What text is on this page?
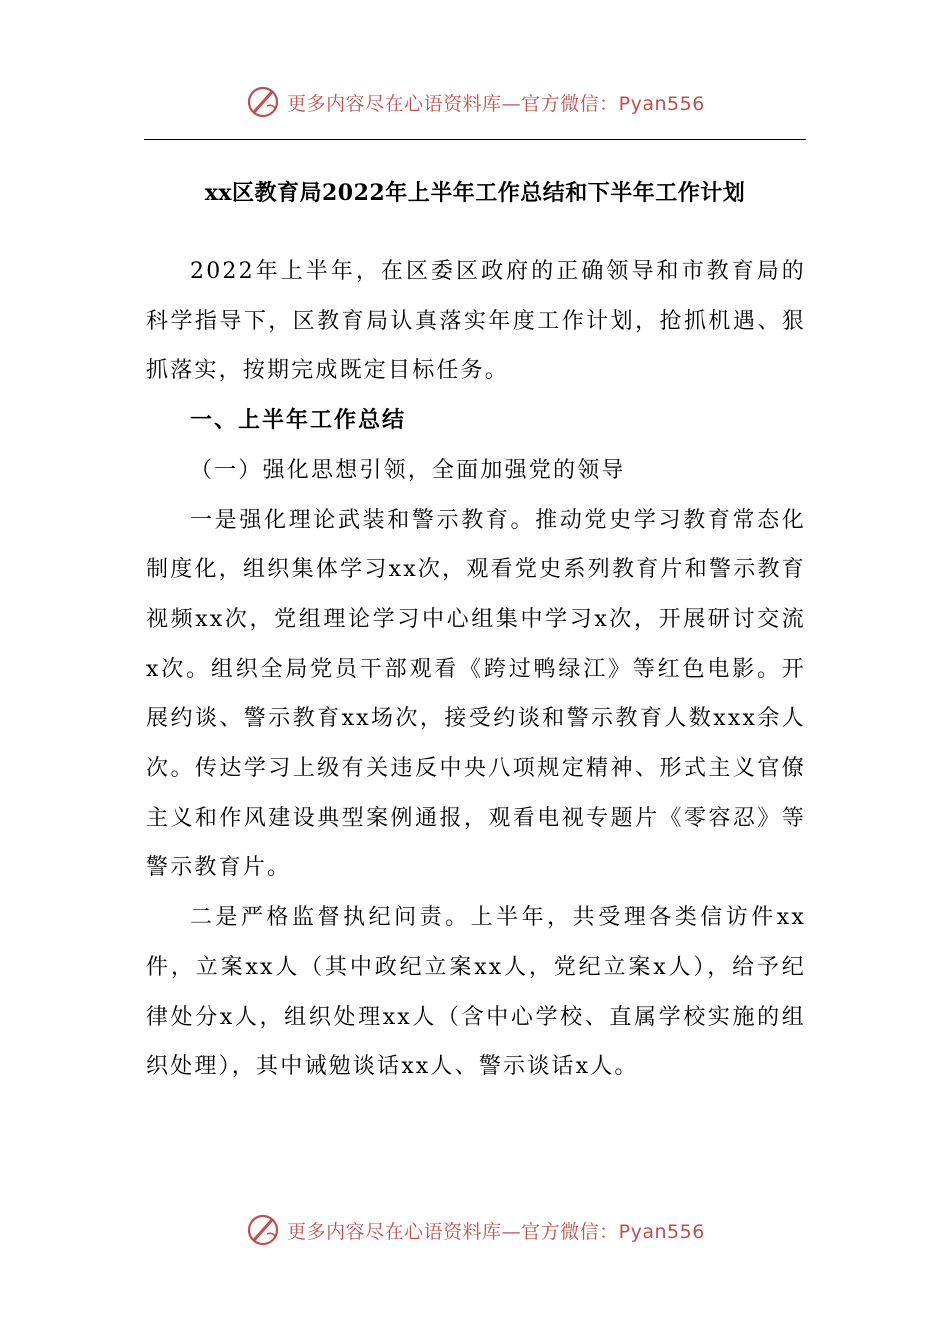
更多内容尽在心语资料库—官方微信：Pyan556
xx区教育局2022年上半年工作总结和下半年工作计划

2022年上半年，在区委区政府的正确领导和市教育局的科学指导下，区教育局认真落实年度工作计划，抢抓机遇、狠抓落实，按期完成既定目标任务。

一、上半年工作总结

（一）强化思想引领，全面加强党的领导

一是强化理论武装和警示教育。推动党史学习教育常态化制度化，组织集体学习xx次，观看党史系列教育片和警示教育视频xx次，党组理论学习中心组集中学习x次，开展研讨交流x次。组织全局党员干部观看《跨过鸭绿江》等红色电影。开展约谈、警示教育xx场次，接受约谈和警示教育人数xxx余人次。传达学习上级有关违反中央八项规定精神、形式主义官僚主义和作风建设典型案例通报，观看电视专题片《零容忍》等警示教育片。

二是严格监督执纪问责。上半年，共受理各类信访件xx件，立案xx人（其中政纪立案xx人，党纪立案x人），给予纪律处分x人，组织处理xx人（含中心学校、直属学校实施的组织处理），其中诫勉谈话xx人、警示谈话x人。

更多内容尽在心语资料库—官方微信：Pyan556
